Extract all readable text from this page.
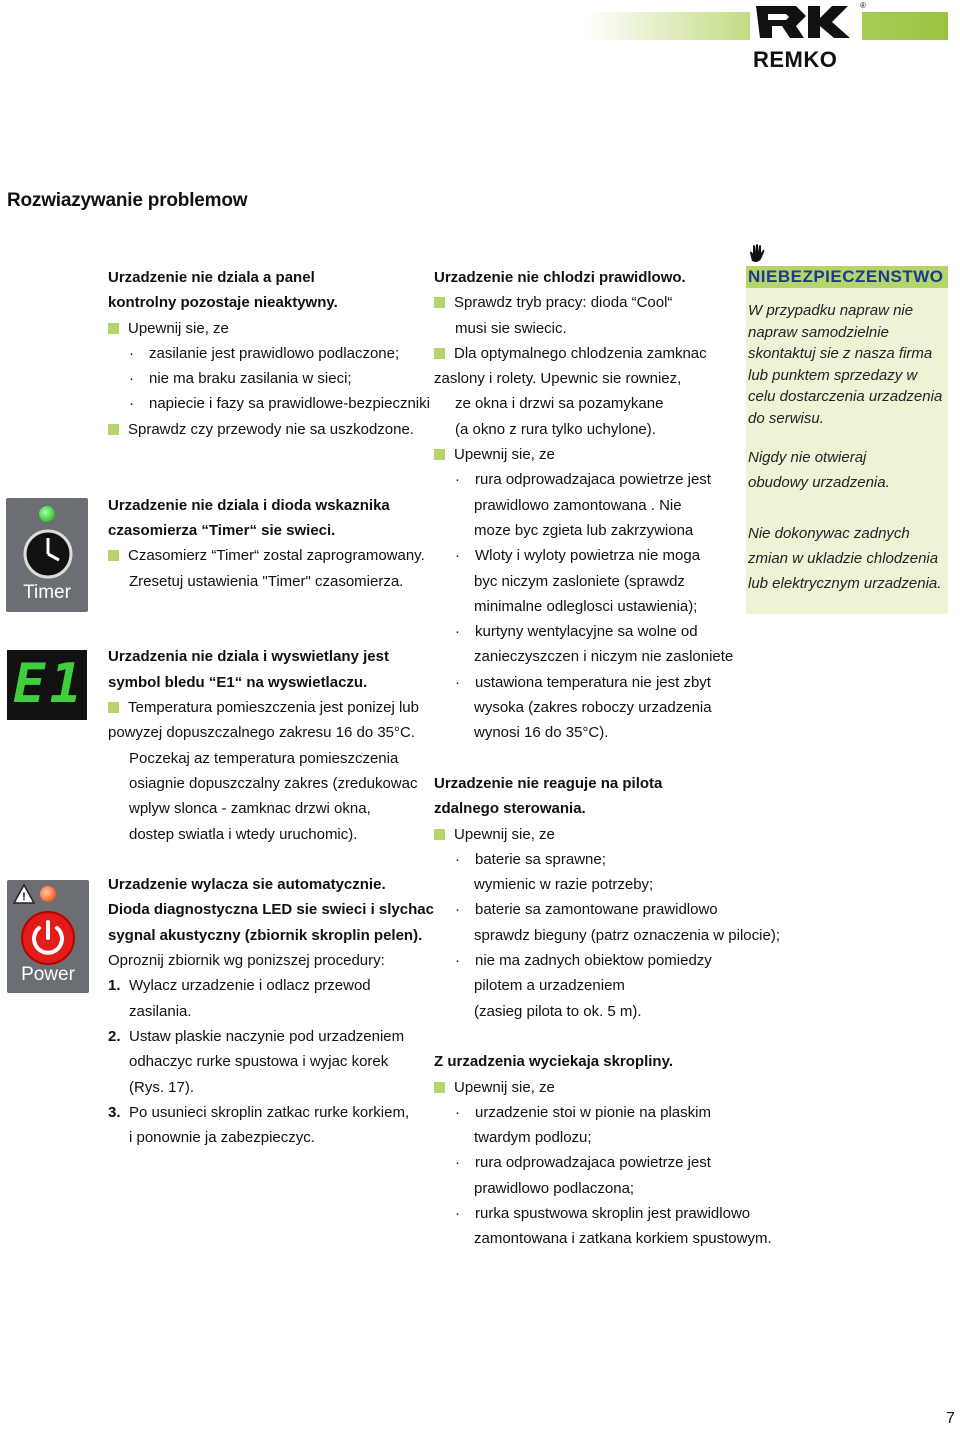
REMKO
®
Rozwiazywanie problemow
Timer
E1
!
Power
Urzadzenie nie dziala a panel
kontrolny pozostaje nieaktywny.
Upewnij sie, ze
· zasilanie jest prawidlowo podlaczone;
· nie ma braku zasilania w sieci;
· napiecie i fazy sa prawidlowe-bezpieczniki
Sprawdz czy przewody nie sa uszkodzone.

Urzadzenie nie dziala i dioda wskaznika
czasomierza “Timer“ sie swieci.
Czasomierz “Timer“ zostal zaprogramowany.
Zresetuj ustawienia "Timer" czasomierza.

Urzadzenia nie dziala i wyswietlany jest
symbol bledu “E1“ na wyswietlaczu.
Temperatura pomieszczenia jest ponizej lub
powyzej dopuszczalnego zakresu 16 do 35°C.
Poczekaj az temperatura pomieszczenia
osiagnie dopuszczalny zakres (zredukowac
wplyw slonca - zamknac drzwi okna,
dostep swiatla i wtedy uruchomic).

Urzadzenie wylacza sie automatycznie.
Dioda diagnostyczna LED sie swieci i slychac
sygnal akustyczny (zbiornik skroplin pelen).
Oproznij zbiornik wg ponizszej procedury:
1. Wylacz urzadzenie i odlacz przewod
zasilania.
2. Ustaw plaskie naczynie pod urzadzeniem
odhaczyc rurke spustowa i wyjac korek
(Rys. 17).
3. Po usunieci skroplin zatkac rurke korkiem,
i ponownie ja zabezpieczyc.
Urzadzenie nie chlodzi prawidlowo.
Sprawdz tryb pracy: dioda “Cool“
musi sie swiecic.
Dla optymalnego chlodzenia zamknac
zaslony i rolety. Upewnic sie rowniez,
ze okna i drzwi sa pozamykane
(a okno z rura tylko uchylone).
Upewnij sie, ze
· rura odprowadzajaca powietrze jest
prawidlowo zamontowana . Nie
moze byc zgieta lub zakrzywiona
· Wloty i wyloty powietrza nie moga
byc niczym zasloniete (sprawdz
minimalne odleglosci ustawienia);
· kurtyny wentylacyjne sa wolne od
zanieczyszczen i niczym nie zasloniete
· ustawiona temperatura nie jest zbyt
wysoka (zakres roboczy urzadzenia
wynosi 16 do 35°C).

Urzadzenie nie reaguje na pilota
zdalnego sterowania.
Upewnij sie, ze
· baterie sa sprawne;
wymienic w razie potrzeby;
· baterie sa zamontowane prawidlowo
sprawdz bieguny (patrz oznaczenia w pilocie);
· nie ma zadnych obiektow pomiedzy
pilotem a urzadzeniem
(zasieg pilota to ok. 5 m).

Z urzadzenia wyciekaja skropliny.
Upewnij sie, ze
· urzadzenie stoi w pionie na plaskim
twardym podlozu;
· rura odprowadzajaca powietrze jest
prawidlowo podlaczona;
· rurka spustwowa skroplin jest prawidlowo
zamontowana i zatkana korkiem spustowym.
NIEBEZPIECZENSTWO
W przypadku napraw nie
napraw samodzielnie
skontaktuj sie z nasza firma
lub punktem sprzedazy w
celu dostarczenia urzadzenia
do serwisu.
Nigdy nie otwieraj
obudowy urzadzenia.
Nie dokonywac zadnych
zmian w ukladzie chlodzenia
lub elektrycznym urzadzenia.
7
